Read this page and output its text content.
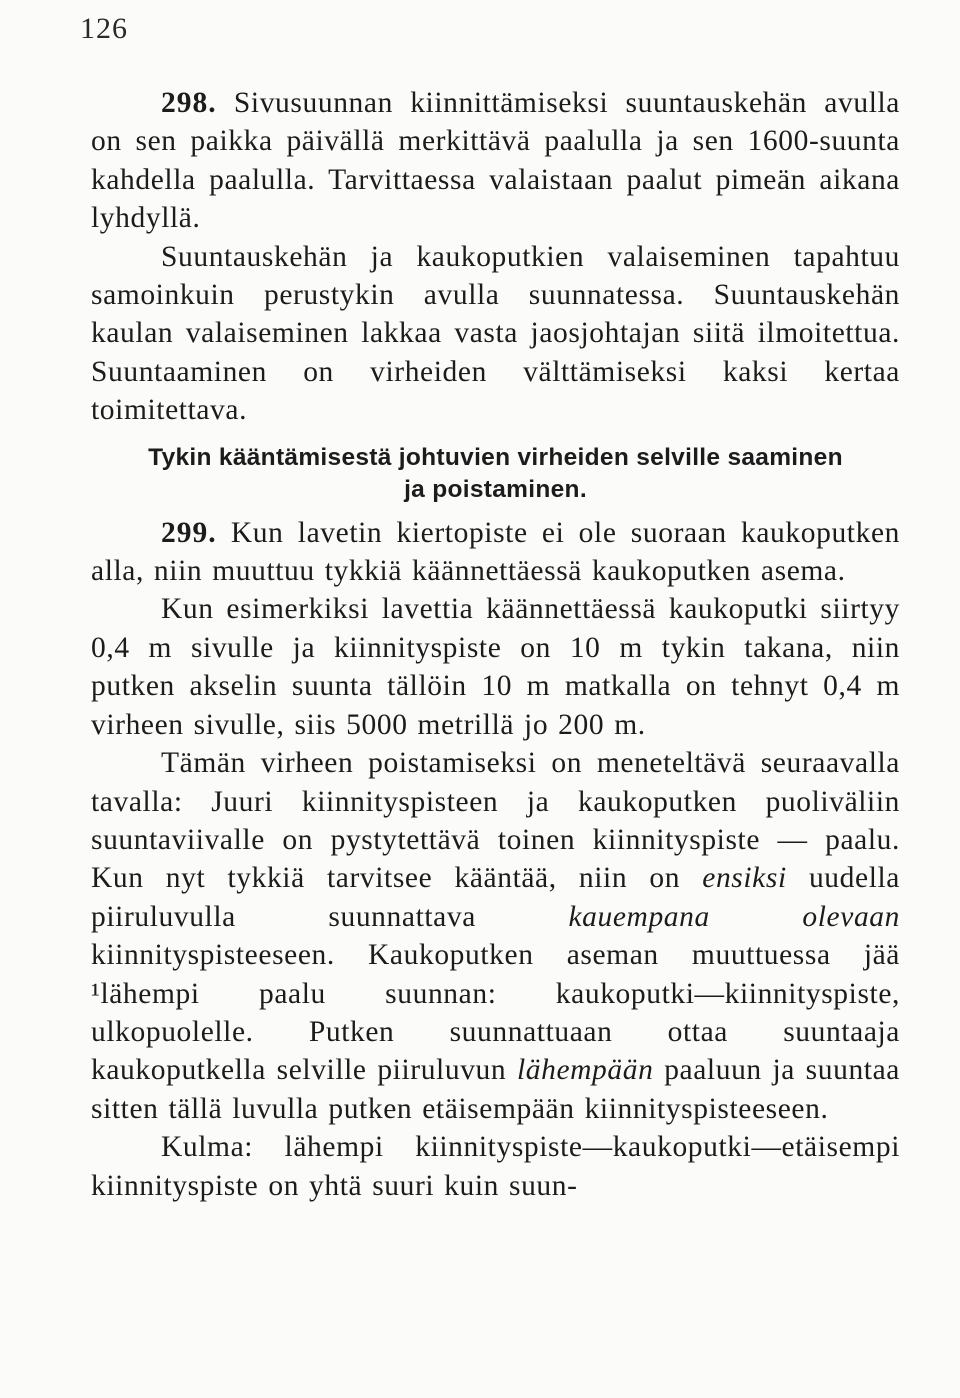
126

298. Sivusuunnan kiinnittämiseksi suuntauskehän avulla on sen paikka päivällä merkittävä paalulla ja sen 1600-suunta kahdella paalulla. Tarvittaessa valaistaan paalut pimeän aikana lyhdyllä.

Suuntauskehän ja kaukoputkien valaiseminen tapahtuu samoinkuin perustykin avulla suunnatessa. Suuntauskehän kaulan valaiseminen lakkaa vasta jaosjohtajan siitä ilmoitettua. Suuntaaminen on virheiden välttämiseksi kaksi kertaa toimitettava.

Tykin kääntämisestä johtuvien virheiden selville saaminen
ja poistaminen.

299. Kun lavetin kiertopiste ei ole suoraan kaukoputken alla, niin muuttuu tykkiä käännettäessä kaukoputken asema.

Kun esimerkiksi lavettia käännettäessä kaukoputki siirtyy 0,4 m sivulle ja kiinnityspiste on 10 m tykin takana, niin putken akselin suunta tällöin 10 m matkalla on tehnyt 0,4 m virheen sivulle, siis 5000 metrillä jo 200 m.

Tämän virheen poistamiseksi on meneteltävä seuraavalla tavalla: Juuri kiinnityspisteen ja kaukoputken puoliväliin suuntaviivalle on pystytettävä toinen kiinnityspiste — paalu. Kun nyt tykkiä tarvitsee kääntää, niin on ensiksi uudella piiruluvulla suunnattava	kauempana olevaan kiinnityspisteeseen. Kaukoputken aseman muuttuessa jää ¹lähempi paalu suunnan: kaukoputki—kiinnityspiste, ulkopuolelle. Putken suunnattuaan ottaa suuntaaja kaukoputkella selville piiruluvun lähempään paaluun ja suuntaa sitten tällä luvulla putken etäisempään kiinnityspisteeseen.

Kulma: lähempi kiinnityspiste—kaukoputki—etäisempi kiinnityspiste on yhtä suuri kuin suun-
